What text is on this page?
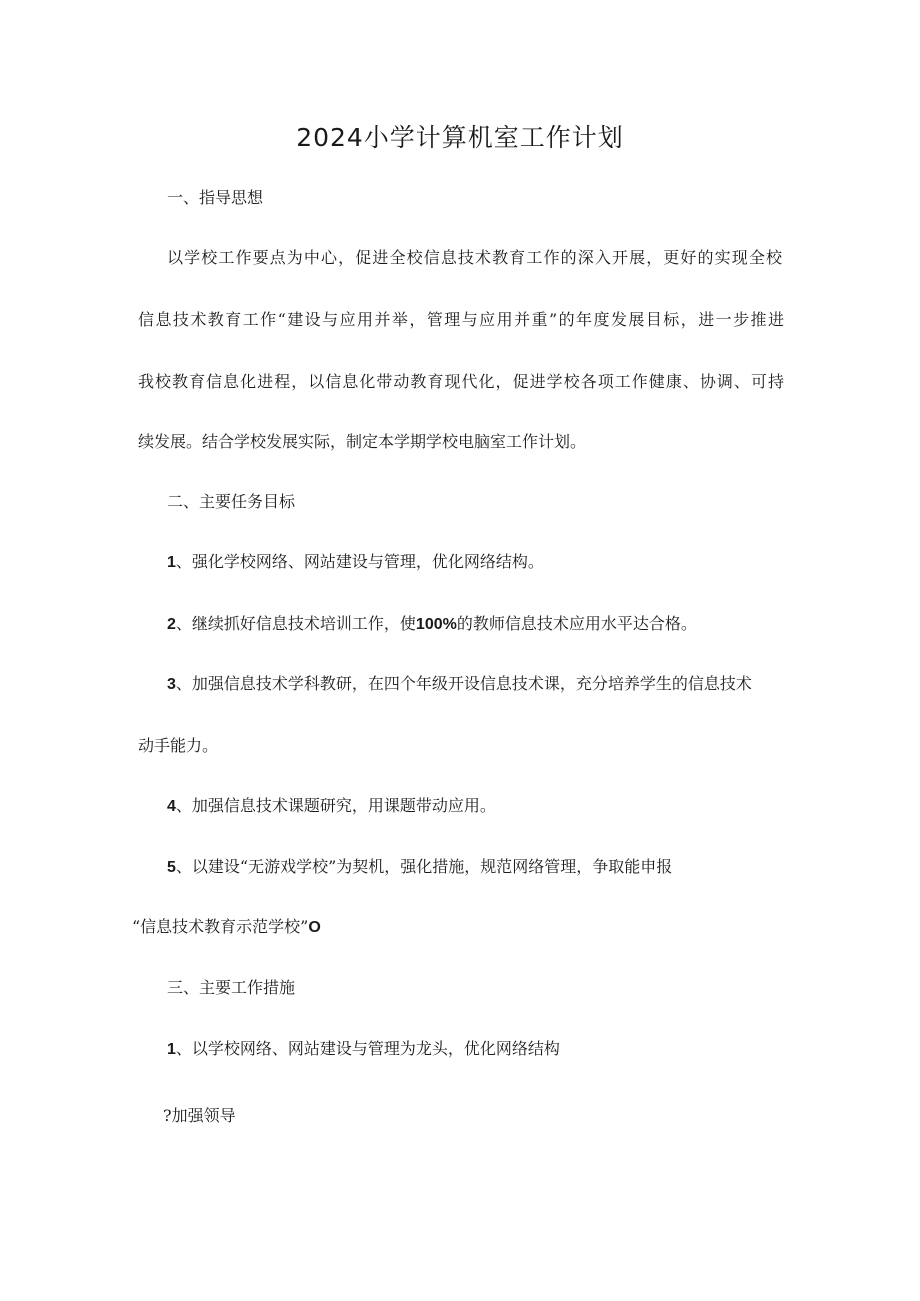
2024小学计算机室工作计划
一、指导思想
以学校工作要点为中心，促进全校信息技术教育工作的深入开展，更好的实现全校
信息技术教育工作“建设与应用并举，管理与应用并重”的年度发展目标，进一步推进
我校教育信息化进程，以信息化带动教育现代化，促进学校各项工作健康、协调、可持
续发展。结合学校发展实际，制定本学期学校电脑室工作计划。
二、主要任务目标
1、强化学校网络、网站建设与管理，优化网络结构。
2、继续抓好信息技术培训工作，使100%的教师信息技术应用水平达合格。
3、加强信息技术学科教研，在四个年级开设信息技术课，充分培养学生的信息技术
动手能力。
4、加强信息技术课题研究，用课题带动应用。
5、以建设“无游戏学校”为契机，强化措施，规范网络管理，争取能申报
“信息技术教育示范学校”O
三、主要工作措施
1、以学校网络、网站建设与管理为龙头，优化网络结构
?加强领导
